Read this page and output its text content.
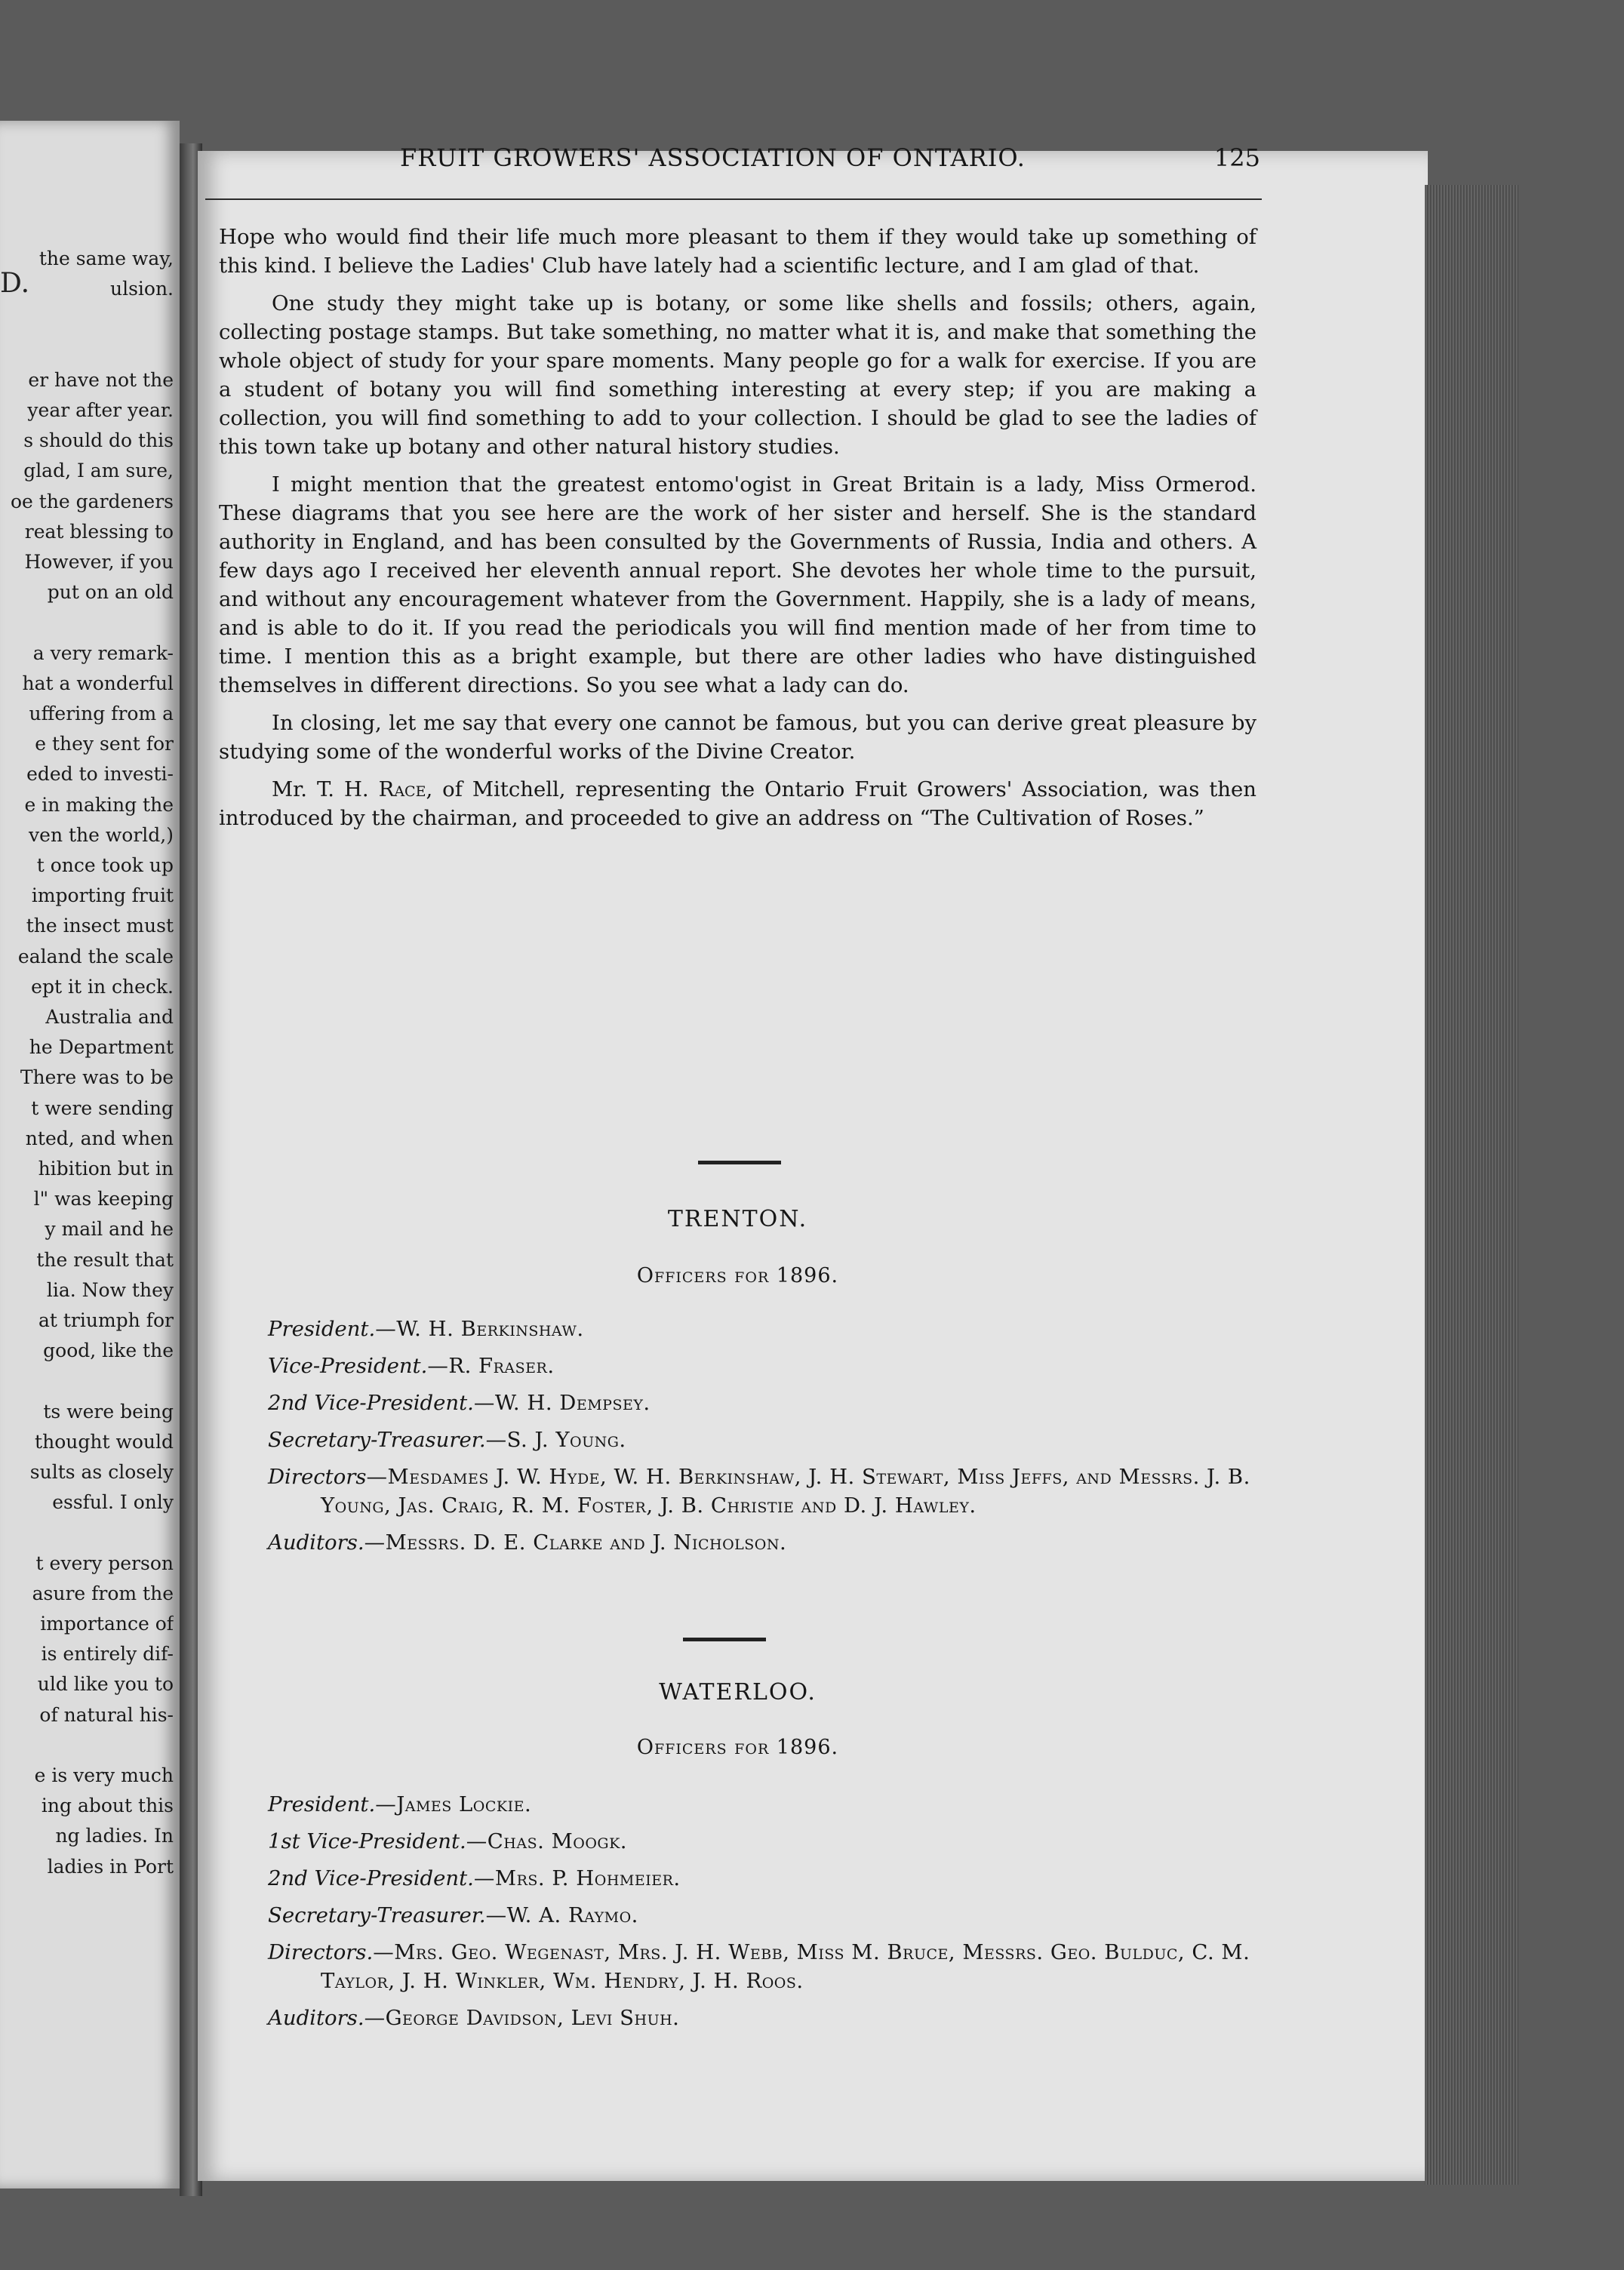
D.
the same way,
ulsion.
er have not the
year after year.
s should do this
glad, I am sure,
oe the gardeners
reat blessing to
However, if you
put on an old
a very remark-
hat a wonderful
uffering from a
e they sent for
eded to investi-
e in making the
ven the world,)
t once took up
importing fruit
the insect must
ealand the scale
ept it in check.
Australia and
he Department
There was to be
t were sending
nted, and when
hibition but in
l" was keeping
y mail and he
the result that
lia. Now they
at triumph for
good, like the
ts were being
thought would
sults as closely
essful. I only
t every person
asure from the
importance of
is entirely dif-
uld like you to
of natural his-
e is very much
ing about this
ng ladies. In
ladies in Port
FRUIT GROWERS' ASSOCIATION OF ONTARIO.	125

Hope who would find their life much more pleasant to them if they would take up something of this kind. I believe the Ladies' Club have lately had a scientific lecture, and I am glad of that.

One study they might take up is botany, or some like shells and fossils; others, again, collecting postage stamps. But take something, no matter what it is, and make that something the whole object of study for your spare moments. Many people go for a walk for exercise. If you are a student of botany you will find something interesting at every step; if you are making a collection, you will find something to add to your collection. I should be glad to see the ladies of this town take up botany and other natural history studies.

I might mention that the greatest entomo'ogist in Great Britain is a lady, Miss Ormerod. These diagrams that you see here are the work of her sister and herself. She is the standard authority in England, and has been consulted by the Governments of Russia, India and others. A few days ago I received her eleventh annual report. She devotes her whole time to the pursuit, and without any encouragement whatever from the Government. Happily, she is a lady of means, and is able to do it. If you read the periodicals you will find mention made of her from time to time. I mention this as a bright example, but there are other ladies who have distinguished themselves in different directions. So you see what a lady can do.

In closing, let me say that every one cannot be famous, but you can derive great pleasure by studying some of the wonderful works of the Divine Creator.

Mr. T. H. Race, of Mitchell, representing the Ontario Fruit Growers' Association, was then introduced by the chairman, and proceeded to give an address on “The Cultivation of Roses.”

TRENTON.
Officers for 1896.
President.—W. H. Berkinshaw.
Vice-President.—R. Fraser.
2nd Vice-President.—W. H. Dempsey.
Secretary-Treasurer.—S. J. Young.
Directors—Mesdames J. W. Hyde, W. H. Berkinshaw, J. H. Stewart, Miss Jeffs, and Messrs. J. B. Young, Jas. Craig, R. M. Foster, J. B. Christie and D. J. Hawley.
Auditors.—Messrs. D. E. Clarke and J. Nicholson.
WATERLOO.
Officers for 1896.
President.—James Lockie.
1st Vice-President.—Chas. Moogk.
2nd Vice-President.—Mrs. P. Hohmeier.
Secretary-Treasurer.—W. A. Raymo.
Directors.—Mrs. Geo. Wegenast, Mrs. J. H. Webb, Miss M. Bruce, Messrs. Geo. Bulduc, C. M. Taylor, J. H. Winkler, Wm. Hendry, J. H. Roos.
Auditors.—George Davidson, Levi Shuh.
